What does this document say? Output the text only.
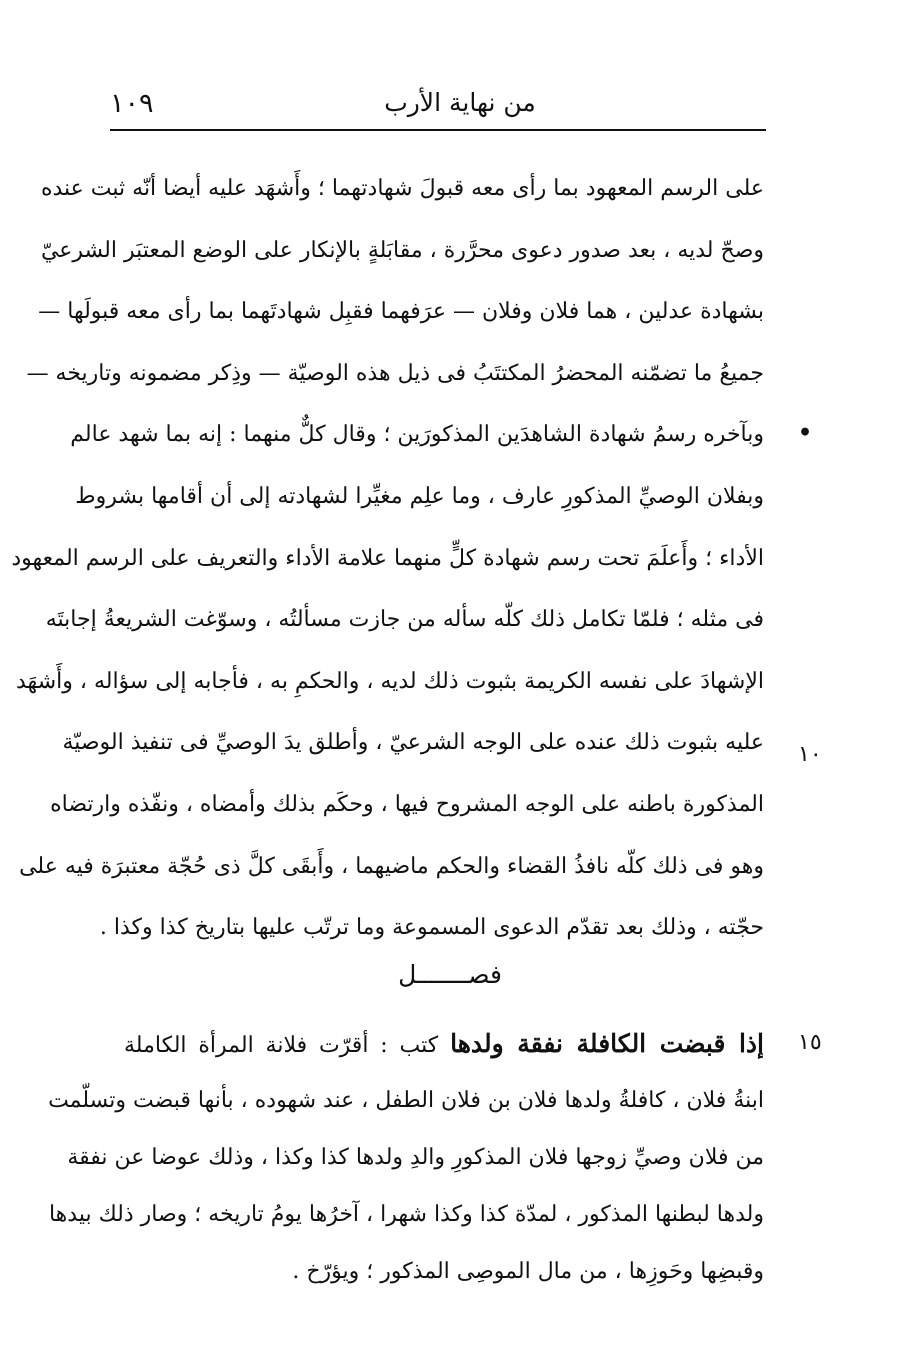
١٠٩	من نهاية الأرب
•
١٠
١٥
على الرسم المعهود بما رأى معه قبولَ شهادتهما ؛ وأَشهَد عليه أيضا أنّه ثبت عنده
وصحّ لديه ، بعد صدور دعوى محرَّرة ، مقابَلةٍ بالإنكار على الوضع المعتبَر الشرعيّ
بشهادة عدلين ، هما فلان وفلان — عرَفهما فقبِل شهادتَهما بما رأى معه قبولَها —
جميعُ ما تضمّنه المحضرُ المكتتَبُ فى ذيل هذه الوصيّة — وذِكر مضمونه وتاريخه —
وبآخره رسمُ شهادة الشاهدَين المذكورَين ؛ وقال كلٌّ منهما : إنه بما شهد عالم
وبفلان الوصيِّ المذكورِ عارف ، وما علِم مغيِّرا لشهادته إلى أن أقامها بشروط
الأداء ؛ وأَعلَمَ تحت رسم شهادة كلٍّ منهما علامة الأداء والتعريف على الرسم المعهود
فى مثله ؛ فلمّا تكامل ذلك كلّه سأله من جازت مسألتُه ، وسوّغت الشريعةُ إجابتَه
الإشهادَ على نفسه الكريمة بثبوت ذلك لديه ، والحكمِ به ، فأجابه إلى سؤاله ، وأَشهَد
عليه بثبوت ذلك عنده على الوجه الشرعيّ ، وأطلق يدَ الوصيِّ فى تنفيذ الوصيّة
المذكورة باطنه على الوجه المشروح فيها ، وحكَم بذلك وأمضاه ، ونفّذه وارتضاه
وهو فى ذلك كلّه نافذُ القضاء والحكم ماضيهما ، وأَبقَى كلَّ ذى حُجّة معتبرَة فيه على
حجّته ، وذلك بعد تقدّم الدعوى المسموعة وما ترتّب عليها بتاريخ كذا وكذا .
فصـــــــل
إذا قبضت الكافلة نفقة ولدها كتب : أقرّت فلانة المرأة الكاملة
ابنةُ فلان ، كافلةُ ولدها فلان بن فلان الطفل ، عند شهوده ، بأنها قبضت وتسلّمت
من فلان وصيِّ زوجها فلان المذكورِ والدِ ولدها كذا وكذا ، وذلك عوضا عن نفقة
ولدها لبطنها المذكور ، لمدّة كذا وكذا شهرا ، آخرُها يومُ تاريخه ؛ وصار ذلك بيدها
وقبضِها وحَوزِها ، من مال الموصِى المذكور ؛ ويؤرّخ .
